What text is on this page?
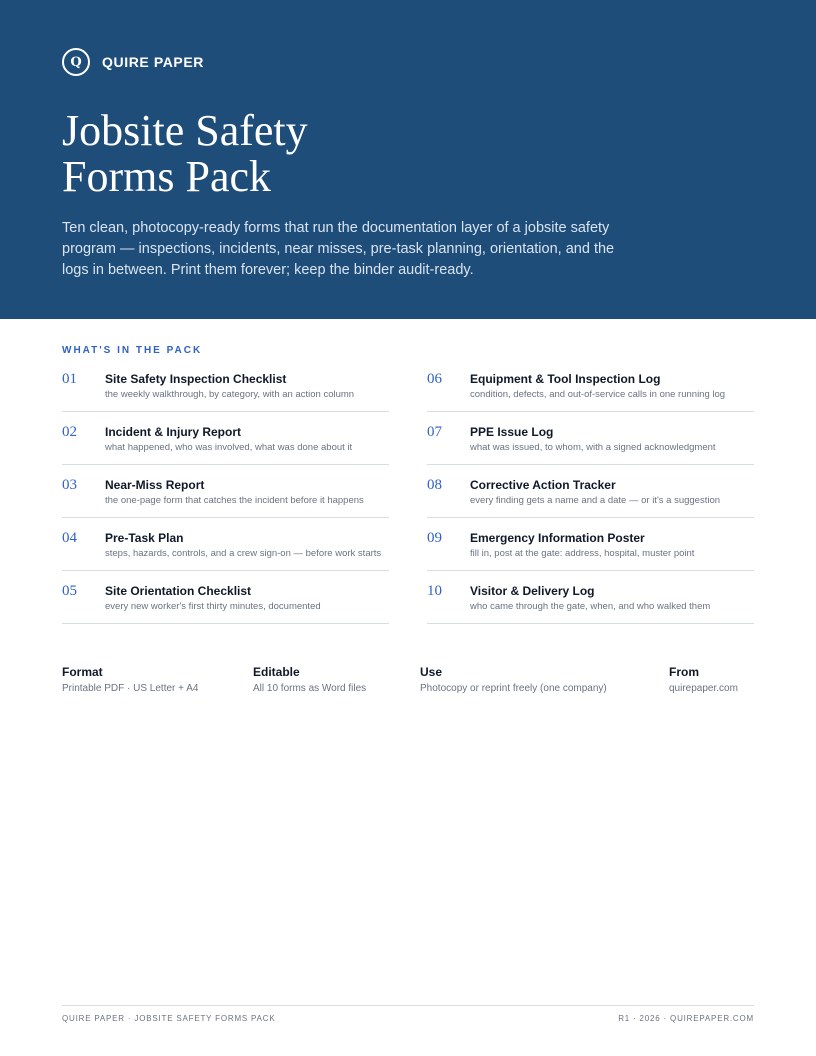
Q	QUIRE PAPER
Jobsite Safety
Forms Pack

Ten clean, photocopy-ready forms that run the documentation layer of a jobsite safety program — inspections, incidents, near misses, pre-task planning, orientation, and the logs in between. Print them forever; keep the binder audit-ready.

WHAT'S IN THE PACK
01	Site Safety Inspection Checklist
the weekly walkthrough, by category, with an action column
02	Incident & Injury Report
what happened, who was involved, what was done about it
03	Near-Miss Report
the one-page form that catches the incident before it happens
04	Pre-Task Plan
steps, hazards, controls, and a crew sign-on — before work starts
05	Site Orientation Checklist
every new worker's first thirty minutes, documented
06	Equipment & Tool Inspection Log
condition, defects, and out-of-service calls in one running log
07	PPE Issue Log
what was issued, to whom, with a signed acknowledgment
08	Corrective Action Tracker
every finding gets a name and a date — or it's a suggestion
09	Emergency Information Poster
fill in, post at the gate: address, hospital, muster point
10	Visitor & Delivery Log
who came through the gate, when, and who walked them
Format
Printable PDF · US Letter + A4
Editable
All 10 forms as Word files
Use
Photocopy or reprint freely (one company)
From
quirepaper.com
QUIRE PAPER · JOBSITE SAFETY FORMS PACK	R1 · 2026 · QUIREPAPER.COM
